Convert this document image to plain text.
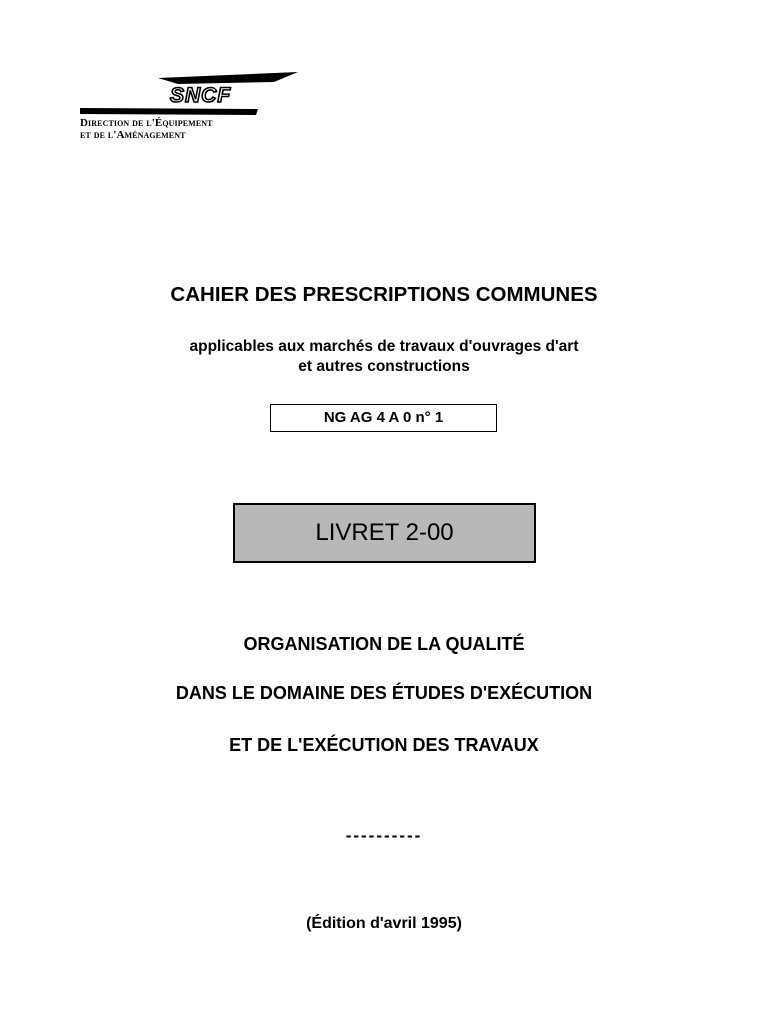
SNCF
Direction de l'Équipement
et de l'Aménagement
CAHIER DES PRESCRIPTIONS COMMUNES
applicables aux marchés de travaux d'ouvrages d'art
et autres constructions
NG AG 4 A 0 n° 1
LIVRET 2-00
ORGANISATION DE LA QUALITÉ
DANS LE DOMAINE DES ÉTUDES D'EXÉCUTION
ET DE L'EXÉCUTION DES TRAVAUX
----------
(Édition d'avril 1995)
